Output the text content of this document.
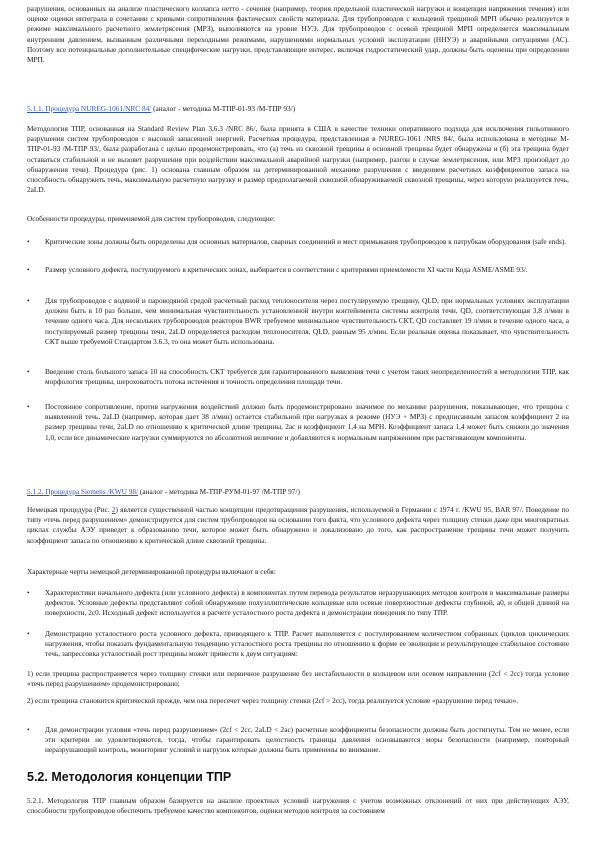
разрушения, основанных на анализе пластического коллапса нетто - сечения (например, теория предельной пластической нагрузки и концепция напряжения течения) или оценке оценки интеграла в сочетании с кривыми сопротивления фактических свойств материала. Для трубопроводов с кольцевой трещиной МРП обычно реализуется в режиме максимального расчетного землетрясения (МРЗ), выполняются на уровне НУЭ. Для трубопроводов с осевой трещиной МРП определяется максимальным внутренним давлением, вызванным различными переходными режимами, нарушениями нормальных условий эксплуатации (ННУЭ) и аварийными ситуациями (АС). Поэтому все потенциальные дополнительные специфические нагрузки, представляющие интерес, включая гидростатический удар, должны быть оценены при определении МРП.

5.1.1. Процедура NUREG-1061/NRC 84/ (аналог - методика М-ТПР-01-93 /М-ТПР 93/)

Методология ТПР, основанная на Standard Review Plan 3.6.3 /NRC 86/, была принята в США в качестве техники оперативного подхода для исключения гильотинного разрушения систем трубопроводов с высокой запасенной энергией. Расчетная процедура, представленная в NUREG-1061 /NRS 84/, была использована в методике М-ТПР-01-93 /М-ТПР 93/, была разработана с целью продемонстрировать, что (а) течь из сквозной трещины в основной трещины будет обнаружена и (б) эта трещина будет оставаться стабильной и не вызовет разрушения при воздействии максимальной аварийной нагрузки (например, разгон в случае землетрясения, или МРЗ произойдет до обнаружения течи). Процедура (рис. 1) основана главным образом на детерминированной механике разрушения с введением расчетных коэффициентов запаса на способность обнаружить течь, максимальную расчетную нагрузку и размер предполагаемой сквозной обнаруживаемой сквозной трещины, через которую реализуется течь, 2aLD.

Особенности процедуры, применяемой для систем трубопроводов, следующие:

• Критические зоны должны быть определены для основных материалов, сварных соединений и мест примыкания трубопроводов к патрубкам оборудования (safe ends).

• Размер условного дефекта, постулируемого в критических зонах, выбирается в соответствии с критериями приемлемости XI части Кода ASME/ASME 93/.

• Для трубопроводов с водяной и пароводяной средой расчетный расход теплоносителя через постулируемую трещину, QLD, при нормальных условиях эксплуатации должен быть в 10 раз больше, чем минимальная чувствительность установленной внутри контейнмента системы контроля течи, QD, соответствующая 3,8 л/мин в течение одного часа. Для нескольких трубопроводов реакторов BWR требуемое минимальное чувствительность СКТ, QD составляет 19 л/мин в течение одного часа, а постулируемый размер трещины течи, 2aLD определяется расходом теплоносителя, QLD, равным 95 л/мин. Если реальная оценка показывает, что чувствительность СКТ выше требуемой Стандартом 3.6.3, то она может быть использована.

• Введение столь большого запаса 10 на способность СКТ требуется для гарантированного выявления течи с учетом таких неопределенностей в методологии ТПР, как морфология трещины, шероховатость потока истечения и точность определения площади течи.

• Постоянное сопротивление, против нагружения воздействий должно быть продемонстрировано значимое по механике разрушения, показывающее, что трещина с выявленной течь, 2aLD (например, которая дает 38 л/мин) остается стабильной при нагрузках в режиме (НУЭ + МРЗ) с предписанным запасом коэффициент 2 на размер трещины течи, 2aLD по отношению к критической длине трещины, 2ac и коэффициент 1,4 на МРН. Коэффициент запаса 1,4 может быть снижен до значения 1,0, если все динамические нагрузки суммируются по абсолютной величине и добавляются к нормальным напряжениям при растягивающем компоненты.

5.1.2. Процедура Siemens /KWU 98/ (аналог - методика М-ТПР-РУМ-01-97 /М-ТПР 97/)

Немецкая процедура (Рис. 2) является существенной частью концепции предотвращения разрушения, используемой в Германии с 1974 г. /KWU 95, BAR 97/. Поведение по типу «течь перед разрушением» демонстрируется для систем трубопроводов на основании того факта, что условного дефекта через толщину стенки даже при многократных циклах службы АЭУ приведет к образованию течи, которое может быть обнаружено и локализовано до того, как распространение трещины течи может получить коэффициент запаса по отношению к критической длине сквозной трещины.

Характерные черты немецкой детерминированной процедуры включают в себя:

• Характеристики начального дефекта (или условного дефекта) в компонентах путем перевода результатов неразрушающих методов контроля в максимальные размеры дефектов. Условные дефекты представляют собой обнаружение полуэллиптические кольцевые или осевые поверхностные дефекты глубиной, a0, и общей длиной на поверхности, 2c0. Исходный дефект используется в расчете усталостного роста дефекта и демонстрации поведения по типу ТПР.

• Демонстрацию усталостного роста условного дефекта, приводящего к ТПР. Расчет выполняется с постулированием количеством собранных (циклов циклических нагружения, чтобы показать фундаментальную тенденцию усталостного роста трещины по отношению к форме ее эволюции и результирующее стабильное состояние течь, запрессовка усталостный рост трещины может привести к двум ситуациям:

1) если трещина распространяется через толщину стенки или первичное разрушение без нестабильности в кольцевом или осевом направлении (2cf < 2cc) тогда условие «течь перед разрушением» продемонстрировано;

2) если трещина становится критической прежде, чем она пересечет через толщину стенки (2cf > 2cc), тогда реализуется условие «разрушение перед течью».

• Для демонстрации условия «течь перед разрушением» (2cf < 2cc, 2aLD < 2ac) расчетные коэффициенты безопасности должны быть достигнуты. Тем не менее, если эти критерии не удовлетворяются, тогда, чтобы гарантировать целостность границы давления основываются моры безопасности (например, повторный неразрушающий контроль, мониторинг условий и нагрузок которые должны быть применены во внимание.

5.2. Методология концепции ТПР

5.2.1. Методология ТПР главным образом базируется на анализе проектных условий нагружения с учетом возможных отклонений от них при действующих АЭУ, способности трубопроводов обеспечить требуемое качество компонентов, оценки методов контроля за состоянием
